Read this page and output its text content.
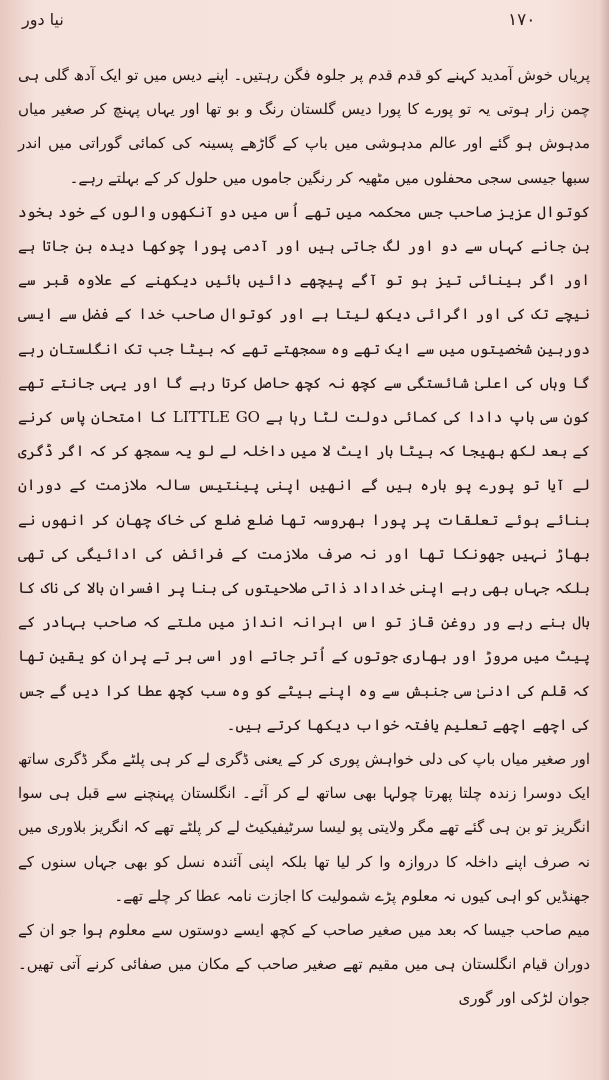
۱۷۰
نیا دور

پریاں خوش آمدید کہنے کو قدم قدم پر جلوہ فگن رہتیں۔ اپنے دیس میں تو ایک آدھ گلی ہی چمن زار ہوتی یہ تو پورے کا پورا دیس گلستان رنگ و بو تھا اور یہاں پہنچ کر صغیر میاں مدہوش ہو گئے اور عالم مدہوشی میں باپ کے گاڑھے پسینہ کی کمائی گوراتی میں اندر سبھا جیسی سجی محفلوں میں مٹھیہ کر رنگین جاموں میں حلول کر کے بہلتے رہے۔

کوتوال عزیز صاحب جس محکمہ میں تھے اُس میں دو آنکھوں والوں کے خود بخود بن جانے کہاں سے دو اور لگ جاتی ہیں اور آدمی پورا چوکھا دیدہ بن جاتا ہے اور اگر بینائی تیز ہو تو آگے پیچھے دائیں بائیں دیکھنے کے علاوہ قبر سے نیچے تک کی اور اگرائی دیکھ لیتا ہے اور کوتوال صاحب خدا کے فضل سے ایسی دوربین شخصیتوں میں سے ایک تھے وہ سمجھتے تھے کہ بیٹا جب تک انگلستان رہے گا وہاں کی اعلیٰ شائستگی سے کچھ نہ کچھ حاصل کرتا رہے گا اور یہی جانتے تھے کون سی باپ دادا کی کمائی دولت لٹا رہا ہے LITTLE GO کا امتحان پاس کرنے کے بعد لکھ بھیجا کہ بیٹا بار ایٹ لا میں داخلہ لے لو یہ سمجھ کر کہ اگر ڈگری لے آیا تو پورے پو بارہ ہیں گے انھیں اپنی پینتیس سالہ ملازمت کے دوران بنائے ہوئے تعلقات پر پورا بھروسہ تھا ضلع ضلع کی خاک چھان کر انھوں نے بھاڑ نہیں جھونکا تھا اور نہ صرف ملازمت کے فرائض کی ادائیگی کی تھی بلکہ جہاں بھی رہے اپنی خداداد ذاتی صلاحیتوں کی بنا پر افسران بالا کی ناک کا بال بنے رہے ور روغن قاز تو اس اہرانہ انداز میں ملتے کہ صاحب بہادر کے پیٹ میں مروڑ اور بھاری جوتوں کے اُتر جاتے اور اسی بر تے پران کو یقین تھا کہ قلم کی ادنیٰ سی جنبش سے وہ اپنے بیٹے کو وہ سب کچھ عطا کرا دیں گے جس کی اچھے اچھے تعلیم یافتہ خواب دیکھا کرتے ہیں۔

اور صغیر میاں باپ کی دلی خواہش پوری کر کے یعنی ڈگری لے کر ہی پلٹے مگر ڈگری ساتھ ایک دوسرا زندہ چلتا پھرتا چولہا بھی ساتھ لے کر آئے۔ انگلستان پہنچنے سے قبل ہی سوا انگریز تو بن ہی گئے تھے مگر ولایتی پو لیسا سرٹیفیکیٹ لے کر پلٹے تھے کہ انگریز بلاوری میں نہ صرف اپنے داخلہ کا دروازہ وا کر لیا تھا بلکہ اپنی آئندہ نسل کو بھی جہاں سنوں کے جھنڈیں کو اہی کیوں نہ معلوم پڑے شمولیت کا اجازت نامہ عطا کر چلے تھے۔

میم صاحب جیسا کہ بعد میں صغیر صاحب کے کچھ ایسے دوستوں سے معلوم ہوا جو ان کے دوران قیام انگلستان ہی میں مقیم تھے صغیر صاحب کے مکان میں صفائی کرنے آتی تھیں۔ جوان لڑکی اور گوری
